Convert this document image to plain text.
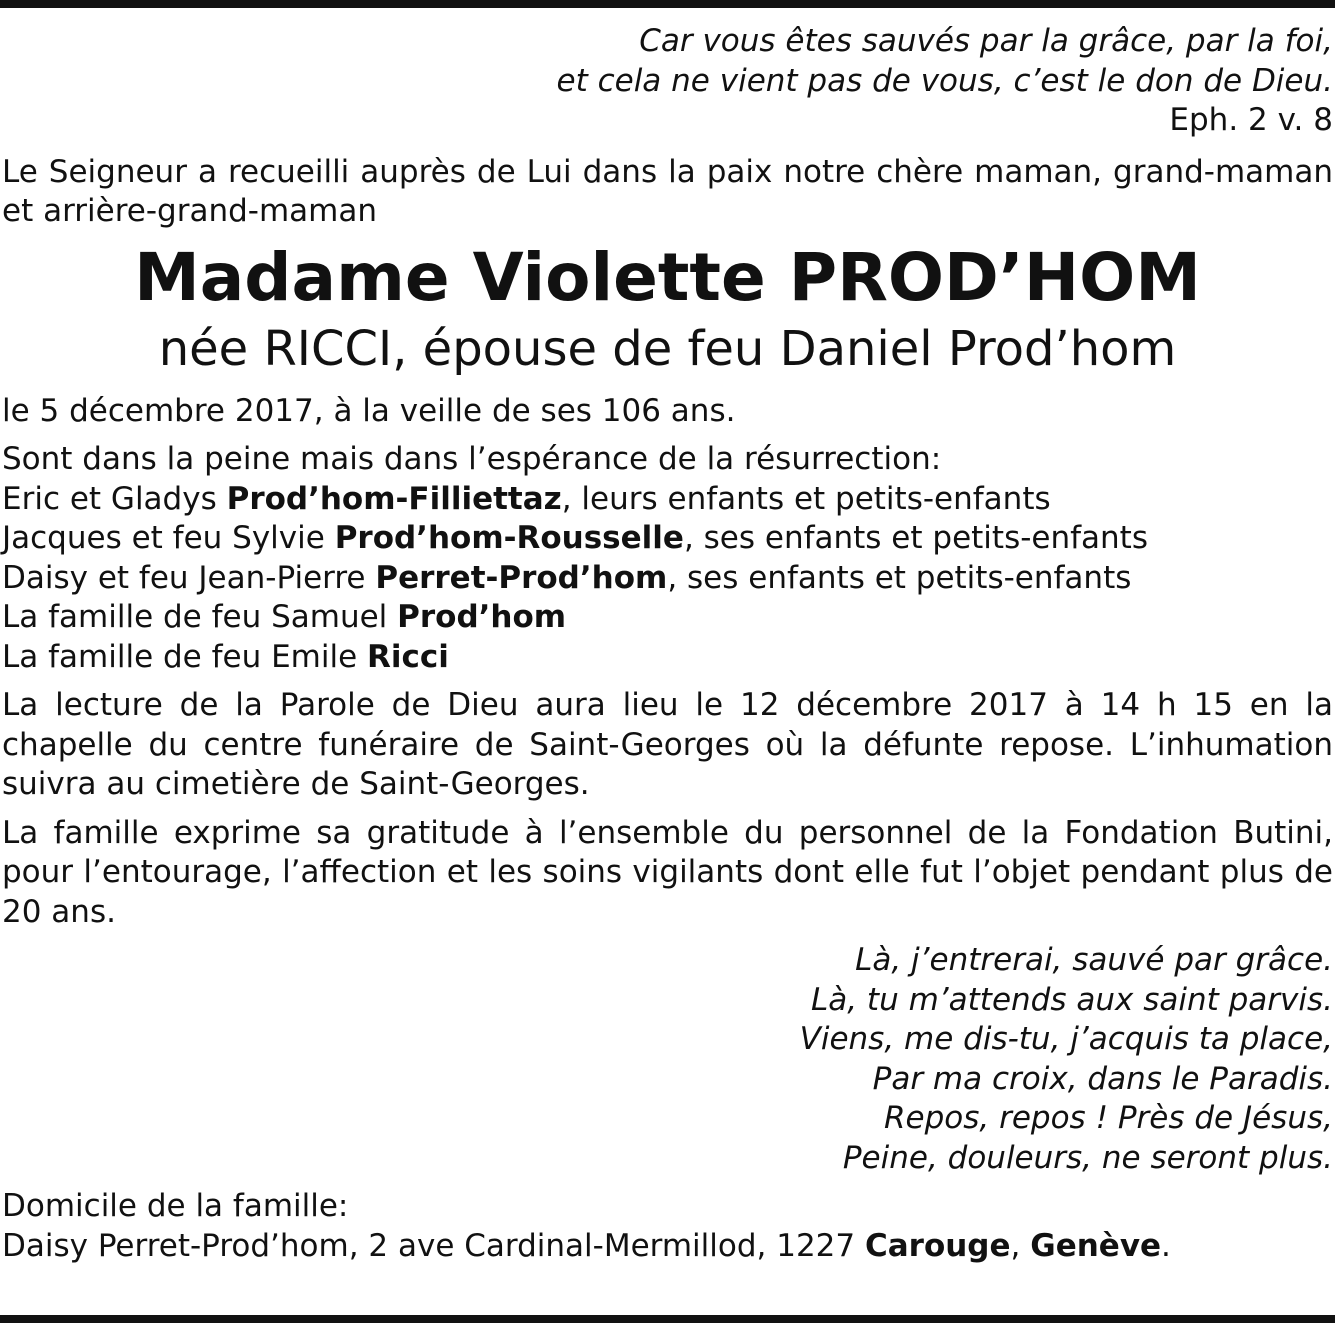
Car vous êtes sauvés par la grâce, par la foi,

et cela ne vient pas de vous, c’est le don de Dieu.

Eph. 2 v. 8

Le Seigneur a recueilli auprès de Lui dans la paix notre chère maman, grand-maman et arrière-grand-maman

Madame Violette PROD’HOM

née RICCI, épouse de feu Daniel Prod’hom

le 5 décembre 2017, à la veille de ses 106 ans.

Sont dans la peine mais dans l’espérance de la résurrection:

Eric et Gladys Prod’hom-Filliettaz, leurs enfants et petits-enfants

Jacques et feu Sylvie Prod’hom-Rousselle, ses enfants et petits-enfants

Daisy et feu Jean-Pierre Perret-Prod’hom, ses enfants et petits-enfants

La famille de feu Samuel Prod’hom

La famille de feu Emile Ricci

La lecture de la Parole de Dieu aura lieu le 12 décembre 2017 à 14 h 15 en la chapelle du centre funéraire de Saint-Georges où la défunte repose. L’inhumation suivra au cimetière de Saint-Georges.

La famille exprime sa gratitude à l’ensemble du personnel de la Fondation Butini, pour l’entourage, l’affection et les soins vigilants dont elle fut l’objet pendant plus de 20 ans.

Là, j’entrerai, sauvé par grâce.

Là, tu m’attends aux saint parvis.

Viens, me dis-tu, j’acquis ta place,

Par ma croix, dans le Paradis.

Repos, repos ! Près de Jésus,

Peine, douleurs, ne seront plus.

Domicile de la famille:

Daisy Perret-Prod’hom, 2 ave Cardinal-Mermillod, 1227 Carouge, Genève.
